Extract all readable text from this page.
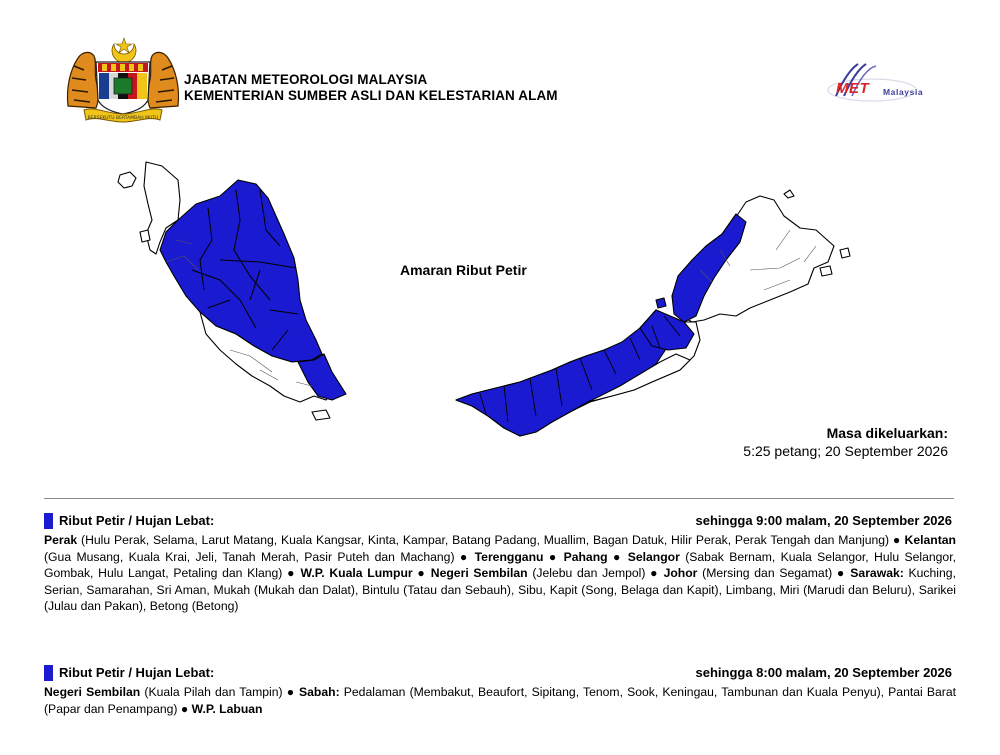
BERSEKUTU BERTAMBAH MUTU
JABATAN METEOROLOGI MALAYSIA
KEMENTERIAN SUMBER ASLI DAN KELESTARIAN ALAM	MET Malaysia
Amaran Ribut Petir
Masa dikeluarkan:
5:25 petang; 20 September 2026
Ribut Petir / Hujan Lebat:	sehingga 9:00 malam, 20 September 2026
Perak (Hulu Perak, Selama, Larut Matang, Kuala Kangsar, Kinta, Kampar, Batang Padang, Muallim, Bagan Datuk, Hilir Perak, Perak Tengah dan Manjung) ● Kelantan (Gua Musang, Kuala Krai, Jeli, Tanah Merah, Pasir Puteh dan Machang) ● Terengganu ● Pahang ● Selangor (Sabak Bernam, Kuala Selangor, Hulu Selangor, Gombak, Hulu Langat, Petaling dan Klang) ● W.P. Kuala Lumpur ● Negeri Sembilan (Jelebu dan Jempol) ● Johor (Mersing dan Segamat) ● Sarawak: Kuching, Serian, Samarahan, Sri Aman, Mukah (Mukah dan Dalat), Bintulu (Tatau dan Sebauh), Sibu, Kapit (Song, Belaga dan Kapit), Limbang, Miri (Marudi dan Beluru), Sarikei (Julau dan Pakan), Betong (Betong)
Ribut Petir / Hujan Lebat:	sehingga 8:00 malam, 20 September 2026
Negeri Sembilan (Kuala Pilah dan Tampin) ● Sabah: Pedalaman (Membakut, Beaufort, Sipitang, Tenom, Sook, Keningau, Tambunan dan Kuala Penyu), Pantai Barat (Papar dan Penampang) ● W.P. Labuan
